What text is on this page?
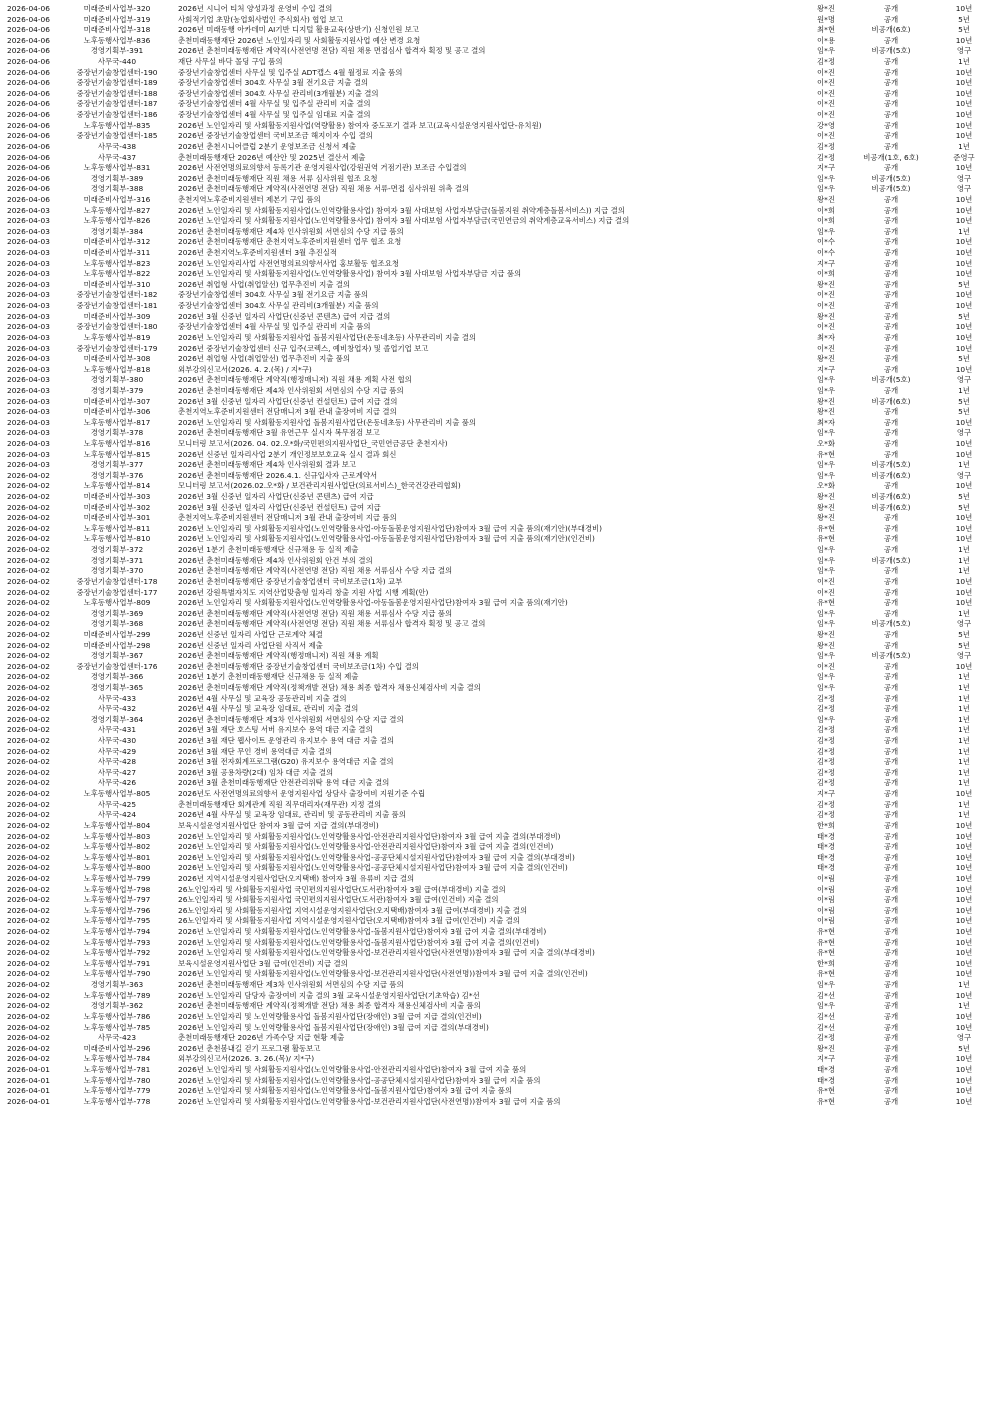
2026-04-06	미래준비사업부-320	2026년 시니어 티처 양성과정 운영비 수입 결의	왕*진	공개	10년
2026-04-06	미래준비사업부-319	사회적기업 초맘(농업회사법인 주식회사) 협업 보고	원*명	공개	5년
2026-04-06	미래준비사업부-318	2026년 미래동행 아카데미 AI기반 디지털 활용교육(상반기) 신청인원 보고	최*현	비공개(6호)	5년
2026-04-06	노후동행사업부-836	춘천미래동행재단 2026년 노인일자리 및 사회활동지원사업 예산 변경 요청	이*용	공개	10년
2026-04-06	경영기획부-391	2026년 춘천미래동행재단 계약직(사전연명 전담) 직원 채용 면접심사 합격자 획정 및 공고 결의	임*우	비공개(5호)	영구
2026-04-06	사무국-440	재단 사무실 바닥 몰딩 구입 품의	김*정	공개	1년
2026-04-06	중장년기술창업센터-190	중장년기술창업센터 사무실 및 입주실 ADT캡스 4월 월정료 지출 품의	이*진	공개	10년
2026-04-06	중장년기술창업센터-189	중장년기술창업센터 304호 사무실 3월 전기요금 지출 결의	이*진	공개	10년
2026-04-06	중장년기술창업센터-188	중장년기술창업센터 304호 사무실 관리비(3개월분) 지출 결의	이*진	공개	10년
2026-04-06	중장년기술창업센터-187	중장년기술창업센터 4월 사무실 및 입주실 관리비 지출 결의	이*진	공개	10년
2026-04-06	중장년기술창업센터-186	중장년기술창업센터 4월 사무실 및 입주실 임대료 지출 결의	이*진	공개	10년
2026-04-06	노후동행사업부-835	2026년 노인일자리 및 사회활동지원사업(역량활용) 참여자 중도포기 결과 보고(교육시설운영지원사업단-유치원)	강*영	공개	10년
2026-04-06	중장년기술창업센터-185	2026년 중장년기술창업센터 국비보조금 해지이자 수입 결의	이*진	공개	10년
2026-04-06	사무국-438	2026년 춘천시니어클럽 2분기 운영보조금 신청서 제출	김*정	공개	1년
2026-04-06	사무국-437	춘천미래동행재단 2026년 예산안 및 2025년 결산서 제출	김*정	비공개(1호, 6호)	준영구
2026-04-06	노후동행사업부-831	2026년 사전연명의료의향서 등록기관 운영지원사업(강원권역 거점기관) 보조금 수입결의	지*구	공개	10년
2026-04-06	경영기획부-389	2026년 춘천미래동행재단 직원 채용 서류 심사위원 협조 요청	임*우	비공개(5호)	영구
2026-04-06	경영기획부-388	2026년 춘천미래동행재단 계약직(사전연명 전담) 직원 채용 서류-면접 심사위원 위촉 결의	임*우	비공개(5호)	영구
2026-04-06	미래준비사업부-316	춘천지역노후준비지원센터 제본기 구입 품의	왕*진	공개	10년
2026-04-03	노후동행사업부-827	2026년 노인일자리 및 사회활동지원사업(노인역량활용사업) 참여자 3월 사대보험 사업자부담금(돌봄지원 취약계층돌봄서비스)) 지급 결의	이*희	공개	10년
2026-04-03	노후동행사업부-826	2026년 노인일자리 및 사회활동지원사업(노인역량활용사업) 참여자 3월 사대보험 사업자부담금(국민연금의 취약계층교육서비스) 지급 결의	이*희	공개	10년
2026-04-03	경영기획부-384	2026년 춘천미래동행재단 제4차 인사위원회 서면심의 수당 지급 품의	임*우	공개	1년
2026-04-03	미래준비사업부-312	2026년 춘천미래동행재단 춘천지역노후준비지원센터 업무 협조 요청	이*수	공개	10년
2026-04-03	미래준비사업부-311	2026년 춘천지역노후준비지원센터 3월 추진실적	이*수	공개	10년
2026-04-03	노후동행사업부-823	2026년 노인일자리사업 사전연명의료의향서사업 홍보활동 협조요청	지*구	공개	10년
2026-04-03	노후동행사업부-822	2026년 노인일자리 및 사회활동지원사업(노인역량활용사업) 참여자 3월 사대보험 사업자부담금 지급 품의	이*희	공개	10년
2026-04-03	미래준비사업부-310	2026년 취업형 사업(취업알선) 업무추진비 지출 결의	왕*진	공개	5년
2026-04-03	중장년기술창업센터-182	중장년기술창업센터 304호 사무실 3월 전기요금 지출 품의	이*진	공개	10년
2026-04-03	중장년기술창업센터-181	중장년기술창업센터 304호 사무실 관리비(3개월분) 지출 품의	이*진	공개	10년
2026-04-03	미래준비사업부-309	2026년 3월 신중년 일자리 사업단(신중년 콘텐츠) 급여 지급 결의	왕*진	공개	5년
2026-04-03	중장년기술창업센터-180	중장년기술창업센터 4월 사무실 및 입주실 관리비 지출 품의	이*진	공개	10년
2026-04-03	노후동행사업부-819	2026년 노인일자리 및 사회활동지원사업 돌봄지원사업단(온동네초등) 사무관리비 지출 결의	최*자	공개	10년
2026-04-03	중장년기술창업센터-179	2026년 중장년기술창업센터 신규 입주(코렉스, 예비창업자) 및 졸업기업 보고	이*진	공개	10년
2026-04-03	미래준비사업부-308	2026년 취업형 사업(취업알선) 업무추진비 지출 품의	왕*진	공개	5년
2026-04-03	노후동행사업부-818	외부강의신고서(2026. 4. 2.(목) / 지*구)	지*구	공개	10년
2026-04-03	경영기획부-380	2026년 춘천미래동행재단 계약직(행정매니저) 직원 채용 계획 사전 협의	임*우	비공개(5호)	영구
2026-04-03	경영기획부-379	2026년 춘천미래동행재단 제4차 인사위원회 서면심의 수당 지급 품의	임*우	공개	1년
2026-04-03	미래준비사업부-307	2026년 3월 신중년 일자리 사업단(신중년 컨설턴트) 급여 지급 결의	왕*진	비공개(6호)	5년
2026-04-03	미래준비사업부-306	춘천지역노후준비지원센터 전담매니저 3월 관내 출장여비 지급 결의	왕*진	공개	5년
2026-04-03	노후동행사업부-817	2026년 노인일자리 및 사회활동지원사업 돌봄지원사업단(온동네초등) 사무관리비 지출 품의	최*자	공개	10년
2026-04-03	경영기획부-378	2026년 춘천미래동행재단 3월 유연근무 실시자 복무점검 보고	임*우	공개	영구
2026-04-03	노후동행사업부-816	모니터링 보고서(2026. 04. 02.오*화/국민편의지원사업단_국민연금공단 춘천지사)	오*화	공개	10년
2026-04-03	노후동행사업부-815	2026년 신중년 일자리사업 2분기 개인정보보호교육 실시 결과 회신	유*현	공개	10년
2026-04-03	경영기획부-377	2026년 춘천미래동행재단 제4차 인사위원회 결과 보고	임*우	비공개(5호)	1년
2026-04-02	경영기획부-376	2026년 춘천미래동행재단 2026.4.1. 신규입사자 근로계약서	임*우	비공개(6호)	영구
2026-04-02	노후동행사업부-814	모니터링 보고서(2026.02.오*화 / 보건관리지원사업단(의료서비스)_한국건강관리협회)	오*화	공개	10년
2026-04-02	미래준비사업부-303	2026년 3월 신중년 일자리 사업단(신중년 콘텐츠) 급여 지급	왕*진	비공개(6호)	5년
2026-04-02	미래준비사업부-302	2026년 3월 신중년 일자리 사업단(신중년 컨설턴트) 급여 지급	왕*진	비공개(6호)	5년
2026-04-02	미래준비사업부-301	춘천지역노후준비지원센터 전담매니저 3월 관내 출장여비 지급 품의	왕*진	공개	10년
2026-04-02	노후동행사업부-811	2026년 노인일자리 및 사회활동지원사업(노인역량활용사업-아동돌봄운영지원사업단)참여자 3월 급여 지출 품의(재기안)(부대경비)	유*현	공개	10년
2026-04-02	노후동행사업부-810	2026년 노인일자리 및 사회활동지원사업(노인역량활용사업-아동돌봄운영지원사업단)참여자 3월 급여 지출 품의(재기안)(인건비)	유*현	공개	10년
2026-04-02	경영기획부-372	2026년 1분기 춘천미래동행재단 신규채용 등 실적 제출	임*우	공개	1년
2026-04-02	경영기획부-371	2026년 춘천미래동행재단 제4차 인사위원회 안건 부의 결의	임*우	비공개(5호)	1년
2026-04-02	경영기획부-370	2026년 춘천미래동행재단 계약직(사전연명 전담) 직원 채용 서류심사 수당 지급 결의	임*우	공개	1년
2026-04-02	중장년기술창업센터-178	2026년 춘천미래동행재단 중장년기술창업센터 국비보조금(1차) 교부	이*진	공개	10년
2026-04-02	중장년기술창업센터-177	2026년 강원특별자치도 지역산업맞춤형 일자리 창출 지원 사업 시행 계획(안)	이*진	공개	10년
2026-04-02	노후동행사업부-809	2026년 노인일자리 및 사회활동지원사업(노인역량활용사업-아동돌봄운영지원사업단)참여자 3월 급여 지출 품의(재기안)	유*현	공개	10년
2026-04-02	경영기획부-369	2026년 춘천미래동행재단 계약직(사전연명 전담) 직원 채용 서류심사 수당 지급 품의	임*우	공개	1년
2026-04-02	경영기획부-368	2026년 춘천미래동행재단 계약직(사전연명 전담) 직원 채용 서류심사 합격자 획정 및 공고 결의	임*우	비공개(5호)	영구
2026-04-02	미래준비사업부-299	2026년 신중년 일자리 사업단 근로계약 체결	왕*진	공개	5년
2026-04-02	미래준비사업부-298	2026년 신중년 일자리 사업단원 사직서 제출	왕*진	공개	5년
2026-04-02	경영기획부-367	2026년 춘천미래동행재단 계약직(행정매니저) 직원 채용 계획	임*우	비공개(5호)	영구
2026-04-02	중장년기술창업센터-176	2026년 춘천미래동행재단 중장년기술창업센터 국비보조금(1차) 수입 결의	이*진	공개	10년
2026-04-02	경영기획부-366	2026년 1분기 춘천미래동행재단 신규채용 등 실적 제출	임*우	공개	1년
2026-04-02	경영기획부-365	2026년 춘천미래동행재단 계약직(정책개발 전담) 채용 최종 합격자 채용신체검사비 지출 결의	임*우	공개	1년
2026-04-02	사무국-433	2026년 4월 사무실 및 교육장 공동관리비 지출 결의	김*정	공개	1년
2026-04-02	사무국-432	2026년 4월 사무실 및 교육장 임대료, 관리비 지출 결의	김*정	공개	1년
2026-04-02	경영기획부-364	2026년 춘천미래동행재단 제3차 인사위원회 서면심의 수당 지급 결의	임*우	공개	1년
2026-04-02	사무국-431	2026년 3월 재단 호스팅 서버 유지보수 용역 대금 지출 결의	김*정	공개	1년
2026-04-02	사무국-430	2026년 3월 재단 웹사이트 운영관리 유지보수 용역 대금 지출 결의	김*정	공개	1년
2026-04-02	사무국-429	2026년 3월 재단 무인 경비 용역대금 지출 결의	김*정	공개	1년
2026-04-02	사무국-428	2026년 3월 전자회계프로그램(G20) 유지보수 용역대금 지출 결의	김*정	공개	1년
2026-04-02	사무국-427	2026년 3월 공용차량(2대) 임차 대금 지출 결의	김*정	공개	1년
2026-04-02	사무국-426	2026년 3월 춘천미래동행재단 안전관리위탁 용역 대금 지출 결의	김*정	공개	1년
2026-04-02	노후동행사업부-805	2026년도 사전연명의료의향서 운영지원사업 상담사 출장여비 지원기준 수립	지*구	공개	10년
2026-04-02	사무국-425	춘천미래동행재단 회계관계 직원 직무대리자(재무관) 지정 결의	김*정	공개	1년
2026-04-02	사무국-424	2026년 4월 사무실 및 교육장 임대료, 관리비 및 공동관리비 지출 품의	김*정	공개	1년
2026-04-02	노후동행사업부-804	보육시설운영지원사업단 참여자 3월 급여 지급 결의(부대경비)	한*희	공개	10년
2026-04-02	노후동행사업부-803	2026년 노인일자리 및 사회활동지원사업(노인역량활용사업-안전관리지원사업단)참여자 3월 급여 지출 결의(부대경비)	태*경	공개	10년
2026-04-02	노후동행사업부-802	2026년 노인일자리 및 사회활동지원사업(노인역량활용사업-안전관리지원사업단)참여자 3월 급여 지출 결의(인건비)	태*경	공개	10년
2026-04-02	노후동행사업부-801	2026년 노인일자리 및 사회활동지원사업(노인역량활용사업-공공단체시설지원사업단)참여자 3월 급여 지출 결의(부대경비)	태*경	공개	10년
2026-04-02	노후동행사업부-800	2026년 노인일자리 및 사회활동지원사업(노인역량활용사업-공공단체시설지원사업단)참여자 3월 급여 지출 결의(인건비)	태*경	공개	10년
2026-04-02	노후동행사업부-799	2026년 지역시설운영지원사업단(오지택배) 참여자 3월 유류비 지급 결의	이*림	공개	10년
2026-04-02	노후동행사업부-798	26노인일자리 및 사회활동지원사업 국민편의지원사업단(도서관)참여자 3월 급여(부대경비) 지출 결의	이*림	공개	10년
2026-04-02	노후동행사업부-797	26노인일자리 및 사회활동지원사업 국민편의지원사업단(도서관)참여자 3월 급여(인건비) 지출 결의	이*림	공개	10년
2026-04-02	노후동행사업부-796	26노인일자리 및 사회활동지원사업 지역시설운영지원사업단(오지택배)참여자 3월 급여(부대경비) 지출 결의	이*림	공개	10년
2026-04-02	노후동행사업부-795	26노인일자리 및 사회활동지원사업 지역시설운영지원사업단(오지택배)참여자 3월 급여(인건비) 지출 결의	이*림	공개	10년
2026-04-02	노후동행사업부-794	2026년 노인일자리 및 사회활동지원사업(노인역량활용사업-돌봄지원사업단)참여자 3월 급여 지출 결의(부대경비)	유*현	공개	10년
2026-04-02	노후동행사업부-793	2026년 노인일자리 및 사회활동지원사업(노인역량활용사업-돌봄지원사업단)참여자 3월 급여 지출 결의(인건비)	유*현	공개	10년
2026-04-02	노후동행사업부-792	2026년 노인일자리 및 사회활동지원사업(노인역량활용사업-보건관리지원사업단(사전연명))참여자 3월 급여 지출 결의(부대경비)	유*현	공개	10년
2026-04-02	노후동행사업부-791	보육시설운영지원사업단 3월 급여(인건비) 지급 결의	한*희	공개	10년
2026-04-02	노후동행사업부-790	2026년 노인일자리 및 사회활동지원사업(노인역량활용사업-보건관리지원사업단(사전연명))참여자 3월 급여 지출 결의(인건비)	유*현	공개	10년
2026-04-02	경영기획부-363	2026년 춘천미래동행재단 제3차 인사위원회 서면심의 수당 지급 품의	임*우	공개	1년
2026-04-02	노후동행사업부-789	2026년 노인일자리 담당자 출장여비 지출 결의 3월 교육시설운영지원사업단(기초학습) 김*선	김*선	공개	10년
2026-04-02	경영기획부-362	2026년 춘천미래동행재단 계약직(정책개발 전담) 채용 최종 합격자 채용신체검사비 지출 품의	임*우	공개	1년
2026-04-02	노후동행사업부-786	2026년 노인일자리 및 노인역량활용사업 돌봄지원사업단(장애인) 3월 급여 지급 결의(인건비)	김*선	공개	10년
2026-04-02	노후동행사업부-785	2026년 노인일자리 및 노인역량활용사업 돌봄지원사업단(장애인) 3월 급여 지급 결의(부대경비)	김*선	공개	10년
2026-04-02	사무국-423	춘천미래동행재단 2026년 가족수당 지급 현황 제출	김*정	공개	영구
2026-04-02	미래준비사업부-296	2026년 춘천봄내길 걷기 프로그램 활동보고	왕*진	공개	5년
2026-04-02	노후동행사업부-784	외부강의신고서(2026. 3. 26.(목)/ 지*구)	지*구	공개	10년
2026-04-01	노후동행사업부-781	2026년 노인일자리 및 사회활동지원사업(노인역량활용사업-안전관리지원사업단)참여자 3월 급여 지출 품의	태*경	공개	10년
2026-04-01	노후동행사업부-780	2026년 노인일자리 및 사회활동지원사업(노인역량활용사업-공공단체시설지원사업단)참여자 3월 급여 지출 품의	태*경	공개	10년
2026-04-01	노후동행사업부-779	2026년 노인일자리 및 사회활동지원사업(노인역량활용사업-돌봄지원사업단)참여자 3월 급여 지출 품의	유*현	공개	10년
2026-04-01	노후동행사업부-778	2026년 노인일자리 및 사회활동지원사업(노인역량활용사업-보건관리지원사업단(사전연명))참여자 3월 급여 지출 품의	유*현	공개	10년
